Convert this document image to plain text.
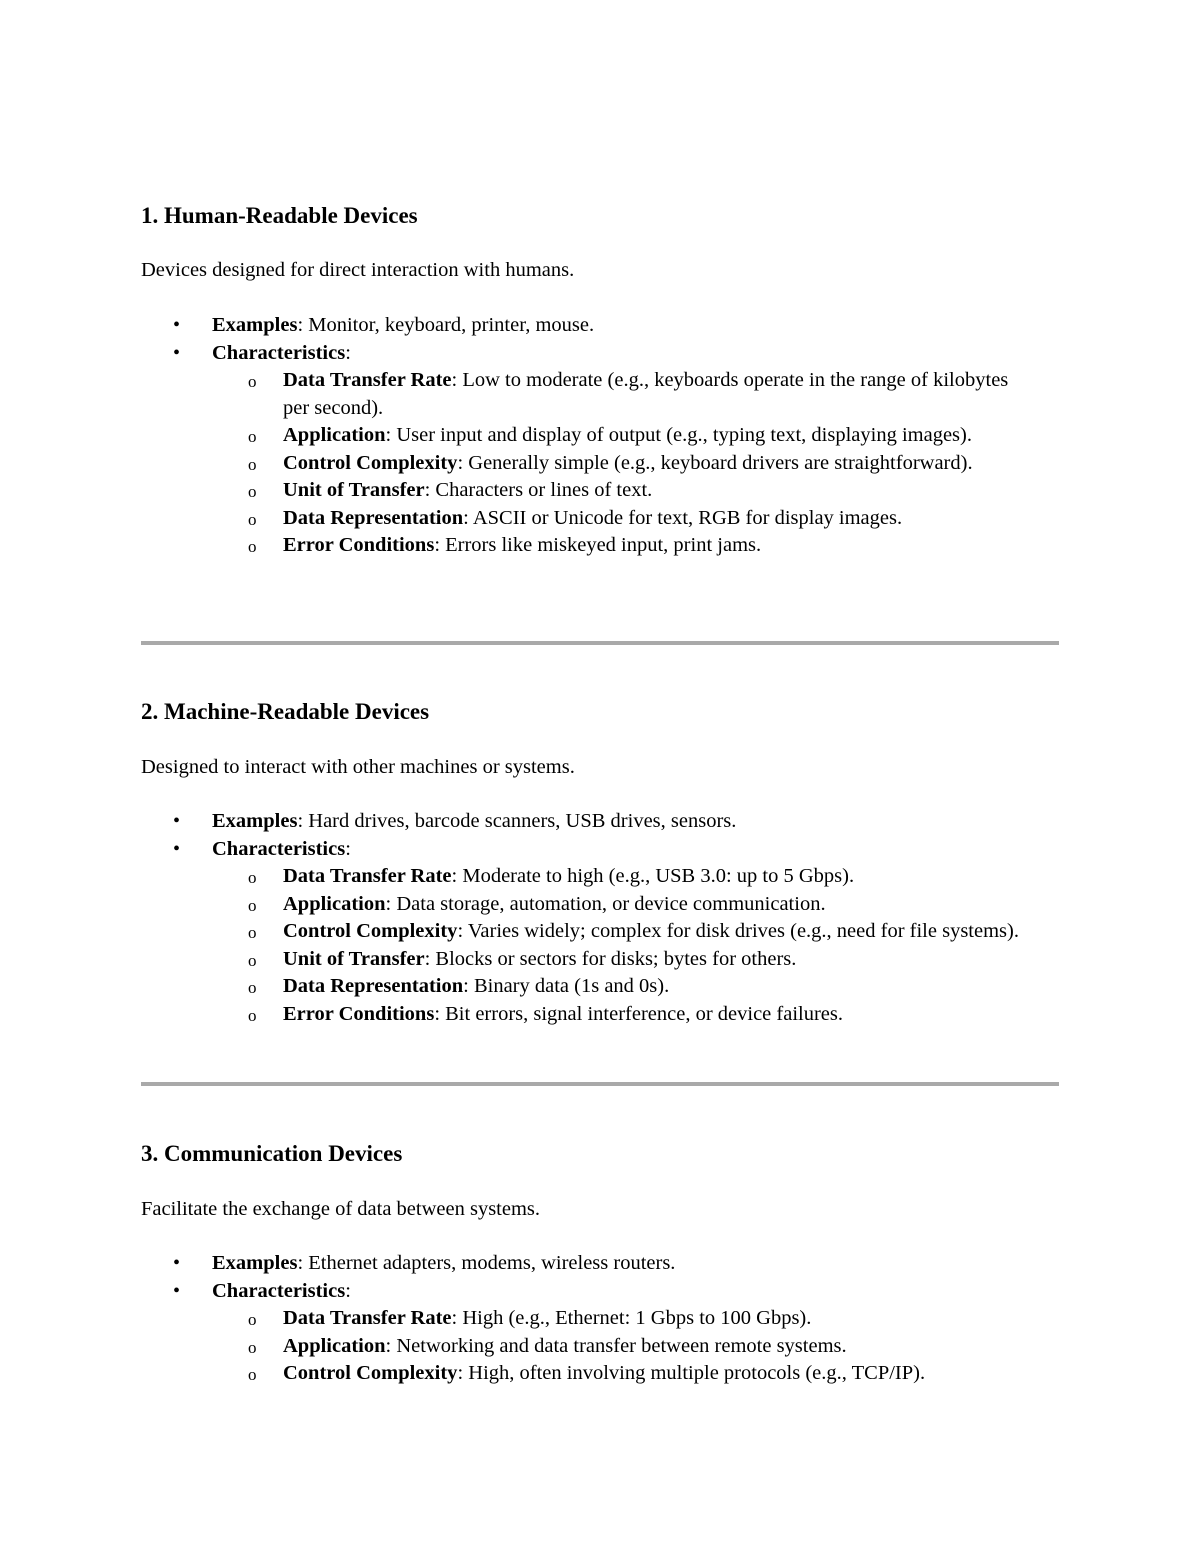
1. Human-Readable Devices

Devices designed for direct interaction with humans.

• Examples: Monitor, keyboard, printer, mouse.
• Characteristics:
o Data Transfer Rate: Low to moderate (e.g., keyboards operate in the range of kilobytes per second).
o Application: User input and display of output (e.g., typing text, displaying images).
o Control Complexity: Generally simple (e.g., keyboard drivers are straightforward).
o Unit of Transfer: Characters or lines of text.
o Data Representation: ASCII or Unicode for text, RGB for display images.
o Error Conditions: Errors like miskeyed input, print jams.
2. Machine-Readable Devices

Designed to interact with other machines or systems.

• Examples: Hard drives, barcode scanners, USB drives, sensors.
• Characteristics:
o Data Transfer Rate: Moderate to high (e.g., USB 3.0: up to 5 Gbps).
o Application: Data storage, automation, or device communication.
o Control Complexity: Varies widely; complex for disk drives (e.g., need for file systems).
o Unit of Transfer: Blocks or sectors for disks; bytes for others.
o Data Representation: Binary data (1s and 0s).
o Error Conditions: Bit errors, signal interference, or device failures.
3. Communication Devices

Facilitate the exchange of data between systems.

• Examples: Ethernet adapters, modems, wireless routers.
• Characteristics:
o Data Transfer Rate: High (e.g., Ethernet: 1 Gbps to 100 Gbps).
o Application: Networking and data transfer between remote systems.
o Control Complexity: High, often involving multiple protocols (e.g., TCP/IP).
